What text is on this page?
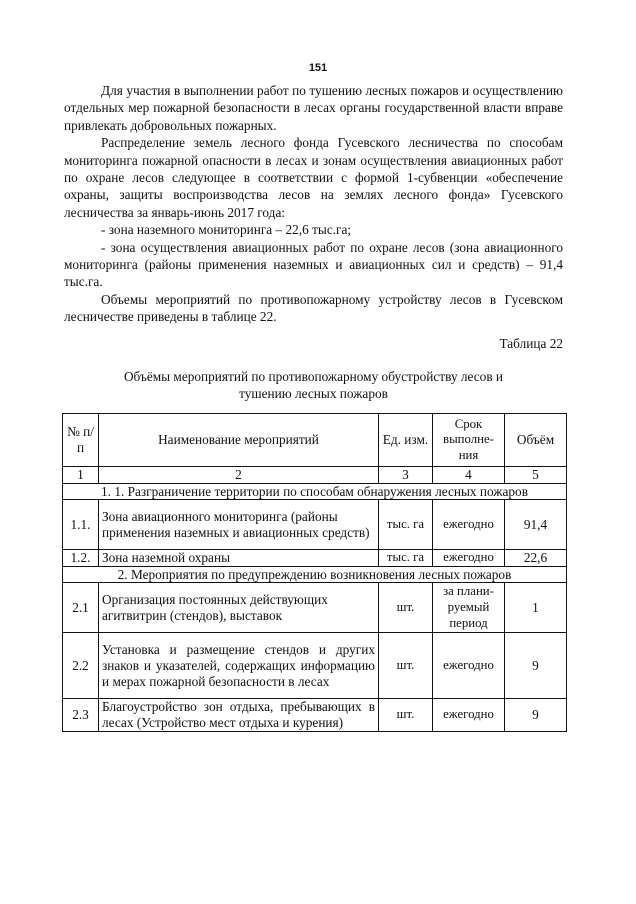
151

Для участия в выполнении работ по тушению лесных пожаров и осуществлению отдельных мер пожарной безопасности в лесах органы государственной власти вправе привлекать добровольных пожарных.

Распределение земель лесного фонда Гусевского лесничества по способам мониторинга пожарной опасности в лесах и зонам осуществления авиационных работ по охране лесов следующее в соответствии с формой 1-субвенции «обеспечение охраны, защиты воспроизводства лесов на землях лесного фонда» Гусевского лесничества за январь-июнь 2017 года:

- зона наземного мониторинга – 22,6 тыс.га;

- зона осуществления авиационных работ по охране лесов (зона авиационного мониторинга (районы применения наземных и авиационных сил и средств) – 91,4 тыс.га.

Объемы мероприятий по противопожарному устройству лесов в Гусевском лесничестве приведены в таблице 22.

Таблица 22
Объёмы мероприятий по противопожарному обустройству лесов и
тушению лесных пожаров
№ п/п	Наименование мероприятий	Ед. изм.	Срок выполне-ния	Объём
1	2	3	4	5
1. 1. Разграничение территории по способам обнаружения лесных пожаров				
1.1.	Зона авиационного мониторинга (районы применения наземных и авиационных средств)	тыс. га	ежегодно	91,4
1.2.	Зона наземной охраны	тыс. га	ежегодно	22,6
2. Мероприятия по предупреждению возникновения лесных пожаров				
2.1	Организация постоянных действующих агитвитрин (стендов), выставок	шт.	за плани-руемый период	1
2.2	Установка и размещение стендов и других знаков и указателей, содержащих информацию и мерах пожарной безопасности в лесах	шт.	ежегодно	9
2.3	Благоустройство зон отдыха, пребывающих в лесах (Устройство мест отдыха и курения)	шт.	ежегодно	9
